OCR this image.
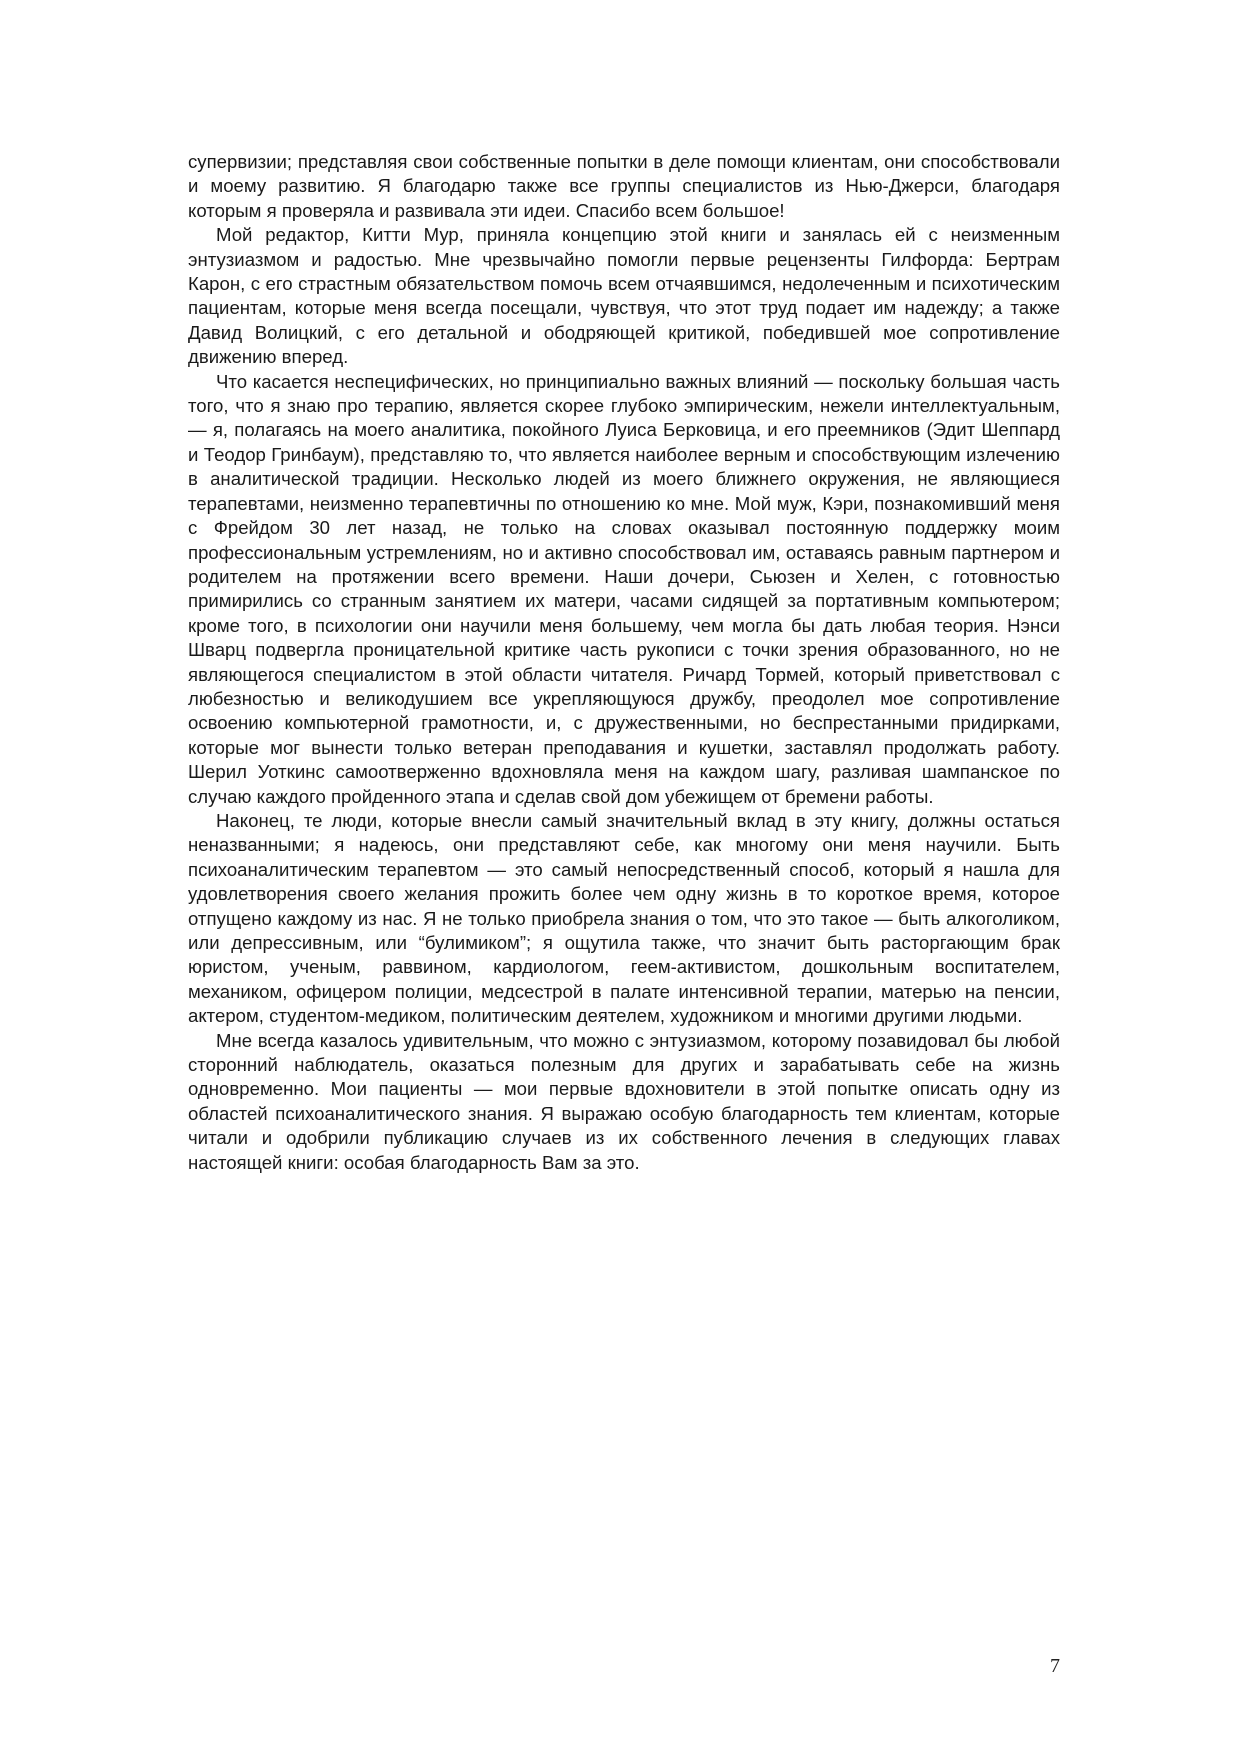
супервизии; представляя свои собственные попытки в деле помощи клиентам, они способствовали и моему развитию. Я благодарю также все группы специалистов из Нью-Джерси, благодаря которым я проверяла и развивала эти идеи. Спасибо всем большое!

Мой редактор, Китти Мур, приняла концепцию этой книги и занялась ей с неизменным энтузиазмом и радостью. Мне чрезвычайно помогли первые рецензенты Гилфорда: Бертрам Карон, с его страстным обязательством помочь всем отчаявшимся, недолеченным и психотическим пациентам, которые меня всегда посещали, чувствуя, что этот труд подает им надежду; а также Давид Волицкий, с его детальной и ободряющей критикой, победившей мое сопротивление движению вперед.

Что касается неспецифических, но принципиально важных влияний — поскольку большая часть того, что я знаю про терапию, является скорее глубоко эмпирическим, нежели интеллектуальным, — я, полагаясь на моего аналитика, покойного Луиса Берковица, и его преемников (Эдит Шеппард и Теодор Гринбаум), представляю то, что является наиболее верным и способствующим излечению в аналитической традиции. Несколько людей из моего ближнего окружения, не являющиеся терапевтами, неизменно терапевтичны по отношению ко мне. Мой муж, Кэри, познакомивший меня с Фрейдом 30 лет назад, не только на словах оказывал постоянную поддержку моим профессиональным устремлениям, но и активно способствовал им, оставаясь равным партнером и родителем на протяжении всего времени. Наши дочери, Сьюзен и Хелен, с готовностью примирились со странным занятием их матери, часами сидящей за портативным компьютером; кроме того, в психологии они научили меня большему, чем могла бы дать любая теория. Нэнси Шварц подвергла проницательной критике часть рукописи с точки зрения образованного, но не являющегося специалистом в этой области читателя. Ричард Тормей, который приветствовал с любезностью и великодушием все укрепляющуюся дружбу, преодолел мое сопротивление освоению компьютерной грамотности, и, с дружественными, но беспрестанными придирками, которые мог вынести только ветеран преподавания и кушетки, заставлял продолжать работу. Шерил Уоткинс самоотверженно вдохновляла меня на каждом шагу, разливая шампанское по случаю каждого пройденного этапа и сделав свой дом убежищем от бремени работы.

Наконец, те люди, которые внесли самый значительный вклад в эту книгу, должны остаться неназванными; я надеюсь, они представляют себе, как многому они меня научили. Быть психоаналитическим терапевтом — это самый непосредственный способ, который я нашла для удовлетворения своего желания прожить более чем одну жизнь в то короткое время, которое отпущено каждому из нас. Я не только приобрела знания о том, что это такое — быть алкоголиком, или депрессивным, или “булимиком”; я ощутила также, что значит быть расторгающим брак юристом, ученым, раввином, кардиологом, геем-активистом, дошкольным воспитателем, механиком, офицером полиции, медсестрой в палате интенсивной терапии, матерью на пенсии, актером, студентом-медиком, политическим деятелем, художником и многими другими людьми.

Мне всегда казалось удивительным, что можно с энтузиазмом, которому позавидовал бы любой сторонний наблюдатель, оказаться полезным для других и зарабатывать себе на жизнь одновременно. Мои пациенты — мои первые вдохновители в этой попытке описать одну из областей психоаналитического знания. Я выражаю особую благодарность тем клиентам, которые читали и одобрили публикацию случаев из их собственного лечения в следующих главах настоящей книги: особая благодарность Вам за это.

7
